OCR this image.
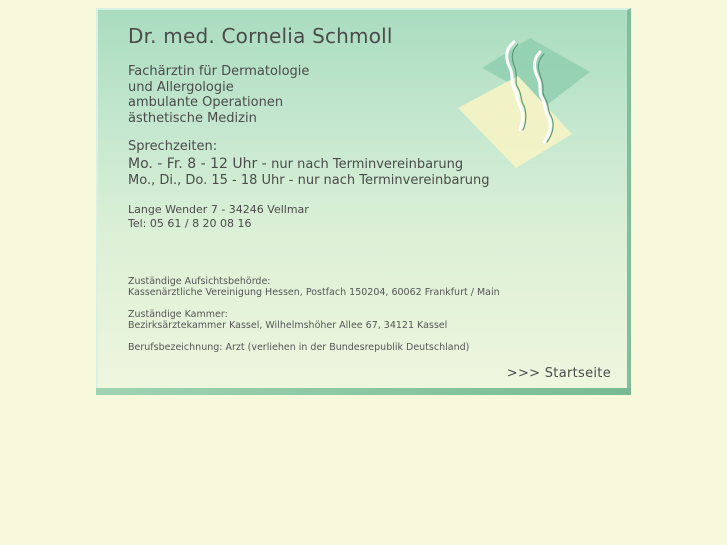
Dr. med. Cornelia Schmoll
Fachärztin für Dermatologie
und Allergologie
ambulante Operationen
ästhetische Medizin
Sprechzeiten:
Mo. - Fr. 8 - 12 Uhr - nur nach Terminvereinbarung
Mo., Di., Do. 15 - 18 Uhr - nur nach Terminvereinbarung
Lange Wender 7 - 34246 Vellmar
Tel: 05 61 / 8 20 08 16
Zuständige Aufsichtsbehörde:
Kassenärztliche Vereinigung Hessen, Postfach 150204, 60062 Frankfurt / Main
Zuständige Kammer:
Bezirksärztekammer Kassel, Wilhelmshöher Allee 67, 34121 Kassel
Berufsbezeichnung: Arzt (verliehen in der Bundesrepublik Deutschland)
>>> Startseite
